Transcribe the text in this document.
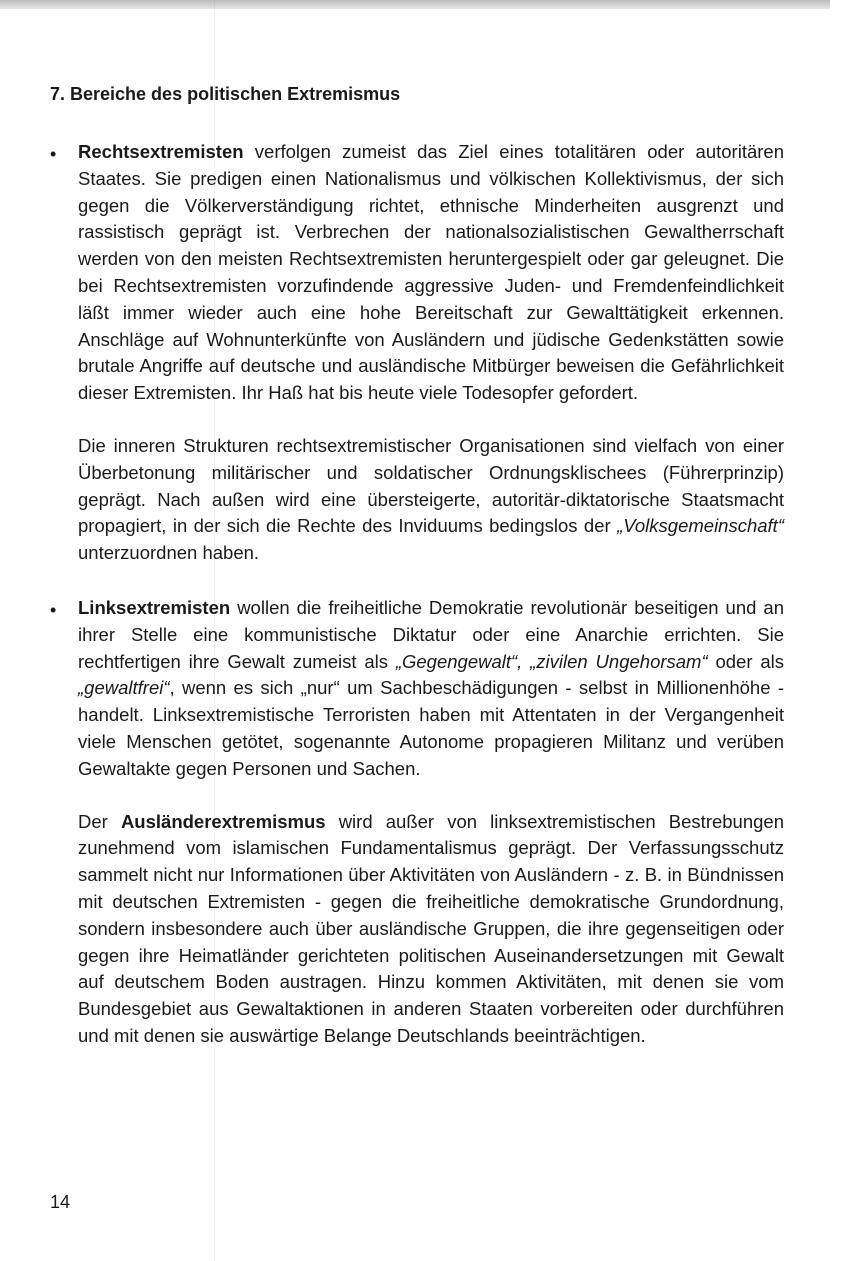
7. Bereiche des politischen Extremismus
• Rechtsextremisten verfolgen zumeist das Ziel eines totalitären oder autoritären Staates. Sie predigen einen Nationalismus und völkischen Kollektivismus, der sich gegen die Völkerverständigung richtet, ethnische Minderheiten ausgrenzt und rassistisch geprägt ist. Verbrechen der nationalsozialistischen Gewaltherrschaft werden von den meisten Rechtsextremisten heruntergespielt oder gar geleugnet. Die bei Rechtsextremisten vorzufindende aggressive Juden- und Fremdenfeindlichkeit läßt immer wieder auch eine hohe Bereitschaft zur Gewalttätigkeit erkennen. Anschläge auf Wohnunterkünfte von Ausländern und jüdische Gedenkstätten sowie brutale Angriffe auf deutsche und ausländische Mitbürger beweisen die Gefährlichkeit dieser Extremisten. Ihr Haß hat bis heute viele Todesopfer gefordert.

Die inneren Strukturen rechtsextremistischer Organisationen sind vielfach von einer Überbetonung militärischer und soldatischer Ordnungsklischees (Führerprinzip) geprägt. Nach außen wird eine übersteigerte, autoritär-diktatorische Staatsmacht propagiert, in der sich die Rechte des Inviduums bedingslos der „Volksgemeinschaft“ unterzuordnen haben.

• Linksextremisten wollen die freiheitliche Demokratie revolutionär beseitigen und an ihrer Stelle eine kommunistische Diktatur oder eine Anarchie errichten. Sie rechtfertigen ihre Gewalt zumeist als „Gegengewalt“, „zivilen Ungehorsam“ oder als „gewaltfrei“, wenn es sich „nur“ um Sachbeschädigungen - selbst in Millionenhöhe - handelt. Linksextremistische Terroristen haben mit Attentaten in der Vergangenheit viele Menschen getötet, sogenannte Autonome propagieren Militanz und verüben Gewaltakte gegen Personen und Sachen.

Der Ausländerextremismus wird außer von linksextremistischen Bestrebungen zunehmend vom islamischen Fundamentalismus geprägt. Der Verfassungsschutz sammelt nicht nur Informationen über Aktivitäten von Ausländern - z. B. in Bündnissen mit deutschen Extremisten - gegen die freiheitliche demokratische Grundordnung, sondern insbesondere auch über ausländische Gruppen, die ihre gegenseitigen oder gegen ihre Heimatländer gerichteten politischen Auseinandersetzungen mit Gewalt auf deutschem Boden austragen. Hinzu kommen Aktivitäten, mit denen sie vom Bundesgebiet aus Gewaltaktionen in anderen Staaten vorbereiten oder durchführen und mit denen sie auswärtige Belange Deutschlands beeinträchtigen.

14
